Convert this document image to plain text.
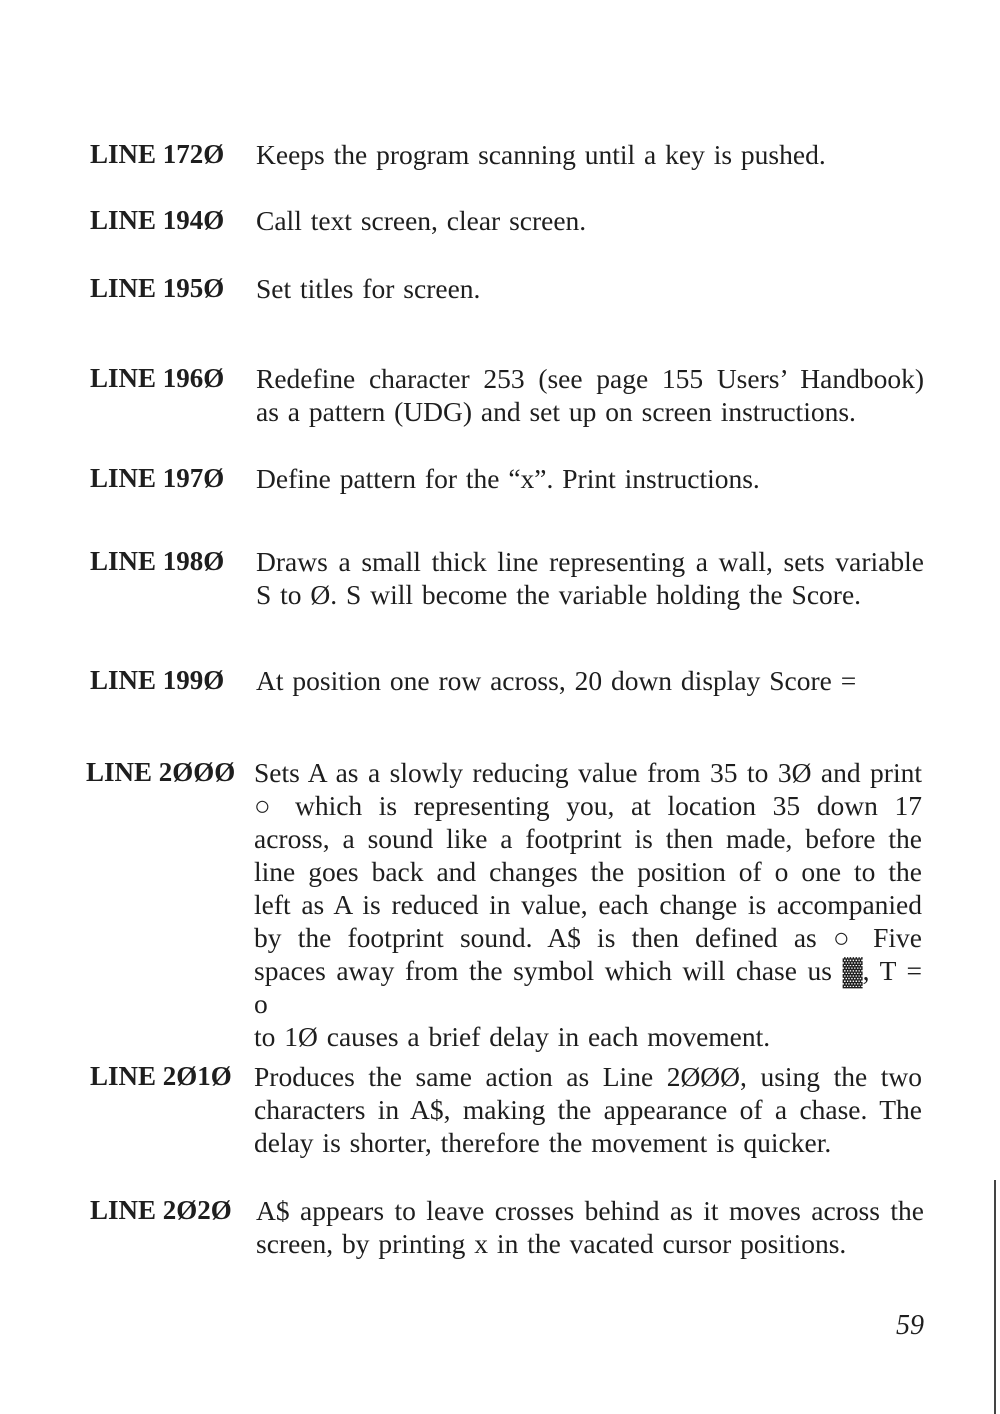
LINE 172Ø	Keeps the program scanning until a key is pushed.
LINE 194Ø	Call text screen, clear screen.
LINE 195Ø	Set titles for screen.
LINE 196Ø	Redefine character 253 (see page 155 Users’ Handbook)
as a pattern (UDG) and set up on screen instructions.
LINE 197Ø	Define pattern for the “x”. Print instructions.
LINE 198Ø	Draws a small thick line representing a wall, sets variable
S to Ø. S will become the variable holding the Score.
LINE 199Ø	At position one row across, 20 down display Score =
LINE 2ØØØ Sets A as a slowly reducing value from 35 to 3Ø and print
○ which is representing you, at location 35 down 17
across, a sound like a footprint is then made, before the
line goes back and changes the position of o one to the
left as A is reduced in value, each change is accompanied
by the footprint sound. A$ is then defined as ○ Five
spaces away from the symbol which will chase us ▓, T = o
to 1Ø causes a brief delay in each movement.
LINE 2Ø1Ø Produces the same action as Line 2ØØØ, using the two
characters in A$, making the appearance of a chase. The
delay is shorter, therefore the movement is quicker.
LINE 2Ø2Ø A$ appears to leave crosses behind as it moves across the
screen, by printing x in the vacated cursor positions.
59
